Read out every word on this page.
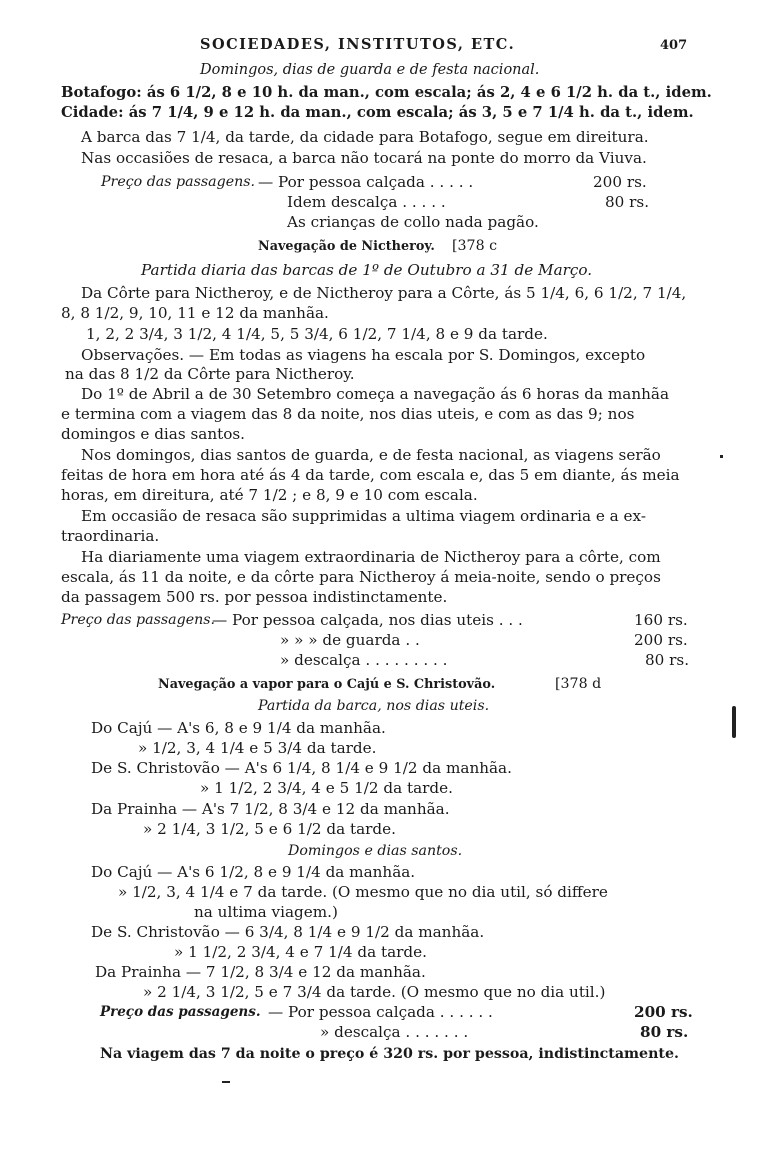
SOCIEDADES, INSTITUTOS, ETC.	407
Domingos, dias de guarda e de festa nacional.
Botafogo: ás 6 1/2, 8 e 10 h. da man., com escala; ás 2, 4 e 6 1/2 h. da t., idem.
Cidade: ás 7 1/4, 9 e 12 h. da man., com escala; ás 3, 5 e 7 1/4 h. da t., idem.
A barca das 7 1/4, da tarde, da cidade para Botafogo, segue em direitura.
Nas occasiões de resaca, a barca não tocará na ponte do morro da Viuva.
Preço das passagens. — Por pessoa calçada . . . . .	200 rs.
Idem descalça . . . . .	80 rs.
As crianças de collo nada pagão.
Navegação de Nictheroy. [378 c
Partida diaria das barcas de 1º de Outubro a 31 de Março.
Da Côrte para Nictheroy, e de Nictheroy para a Côrte, ás 5 1/4, 6, 6 1/2, 7 1/4,
8, 8 1/2, 9, 10, 11 e 12 da manhãa.
1, 2, 2 3/4, 3 1/2, 4 1/4, 5, 5 3/4, 6 1/2, 7 1/4, 8 e 9 da tarde.
Observações. — Em todas as viagens ha escala por S. Domingos, excepto
na das 8 1/2 da Côrte para Nictheroy.
Do 1º de Abril a de 30 Setembro começa a navegação ás 6 horas da manhãa
e termina com a viagem das 8 da noite, nos dias uteis, e com as das 9; nos
domingos e dias santos.
Nos domingos, dias santos de guarda, e de festa nacional, as viagens serão
feitas de hora em hora até ás 4 da tarde, com escala e, das 5 em diante, ás meia
horas, em direitura, até 7 1/2 ; e 8, 9 e 10 com escala.
Em occasião de resaca são supprimidas a ultima viagem ordinaria e a ex-
traordinaria.
Ha diariamente uma viagem extraordinaria de Nictheroy para a côrte, com
escala, ás 11 da noite, e da côrte para Nictheroy á meia-noite, sendo o preços
da passagem 500 rs. por pessoa indistinctamente.
Preço das passagens.
— Por pessoa calçada, nos dias uteis . . .	160 rs.
» » » de guarda . .	200 rs.
» descalça . . . . . . . . .	80 rs.
Navegação a vapor para o Cajú e S. Christovão.	[378 d
Partida da barca, nos dias uteis.
Do Cajú — A's 6, 8 e 9 1/4 da manhãa.
» 1/2, 3, 4 1/4 e 5 3/4 da tarde.
De S. Christovão — A's 6 1/4, 8 1/4 e 9 1/2 da manhãa.
» 1 1/2, 2 3/4, 4 e 5 1/2 da tarde.
Da Prainha — A's 7 1/2, 8 3/4 e 12 da manhãa.
» 2 1/4, 3 1/2, 5 e 6 1/2 da tarde.
Domingos e dias santos.
Do Cajú — A's 6 1/2, 8 e 9 1/4 da manhãa.
» 1/2, 3, 4 1/4 e 7 da tarde. (O mesmo que no dia util, só differe
na ultima viagem.)
De S. Christovão — 6 3/4, 8 1/4 e 9 1/2 da manhãa.
» 1 1/2, 2 3/4, 4 e 7 1/4 da tarde.
Da Prainha — 7 1/2, 8 3/4 e 12 da manhãa.
» 2 1/4, 3 1/2, 5 e 7 3/4 da tarde. (O mesmo que no dia util.)
Preço das passagens. — Por pessoa calçada . . . . . .	200 rs.
» descalça . . . . . . .	80 rs.
Na viagem das 7 da noite o preço é 320 rs. por pessoa, indistinctamente.
